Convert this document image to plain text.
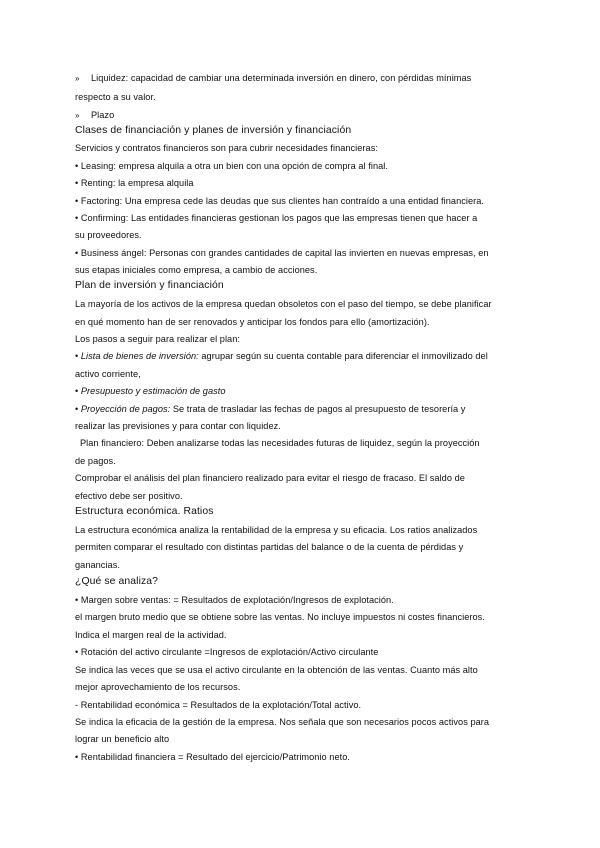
» Liquidez: capacidad de cambiar una determinada inversión en dinero, con pérdidas mínimas
respecto a su valor.
» Plazo
Clases de financiación y planes de inversión y financiación
Servicios y contratos financieros son para cubrir necesidades financieras:
• Leasing: empresa alquila a otra un bien con una opción de compra al final.
• Renting: la empresa alquila
• Factoring: Una empresa cede las deudas que sus clientes han contraído a una entidad financiera.
• Confirming: Las entidades financieras gestionan los pagos que las empresas tienen que hacer a
su proveedores.
• Business ángel: Personas con grandes cantidades de capital las invierten en nuevas empresas, en
sus etapas iniciales como empresa, a cambio de acciones.
Plan de inversión y financiación
La mayoría de los activos de la empresa quedan obsoletos con el paso del tiempo, se debe planificar
en qué momento han de ser renovados y anticipar los fondos para ello (amortización).
Los pasos a seguir para realizar el plan:
• Lista de bienes de inversión: agrupar según su cuenta contable para diferenciar el inmovilizado del
activo corriente,
• Presupuesto y estimación de gasto
• Proyección de pagos: Se trata de trasladar las fechas de pagos al presupuesto de tesorería y
realizar las previsiones y para contar con liquidez.
Plan financiero: Deben analizarse todas las necesidades futuras de liquidez, según la proyección
de pagos.
Comprobar el análisis del plan financiero realizado para evitar el riesgo de fracaso. El saldo de
efectivo debe ser positivo.
Estructura económica. Ratios
La estructura económica analiza la rentabilidad de la empresa y su eficacia. Los ratios analizados
permiten comparar el resultado con distintas partidas del balance o de la cuenta de pérdidas y
ganancias.
¿Qué se analiza?
• Margen sobre ventas: = Resultados de explotación/Ingresos de explotación.
el margen bruto medio que se obtiene sobre las ventas. No incluye impuestos ni costes financieros.
Indica el margen real de la actividad.
• Rotación del activo circulante =Ingresos de explotación/Activo circulante
Se indica las veces que se usa el activo circulante en la obtención de las ventas. Cuanto más alto
mejor aprovechamiento de los recursos.
- Rentabilidad económica = Resultados de la explotación/Total activo.
Se indica la eficacia de la gestión de la empresa. Nos señala que son necesarios pocos activos para
lograr un beneficio alto
• Rentabilidad financiera = Resultado del ejercicio/Patrimonio neto.
